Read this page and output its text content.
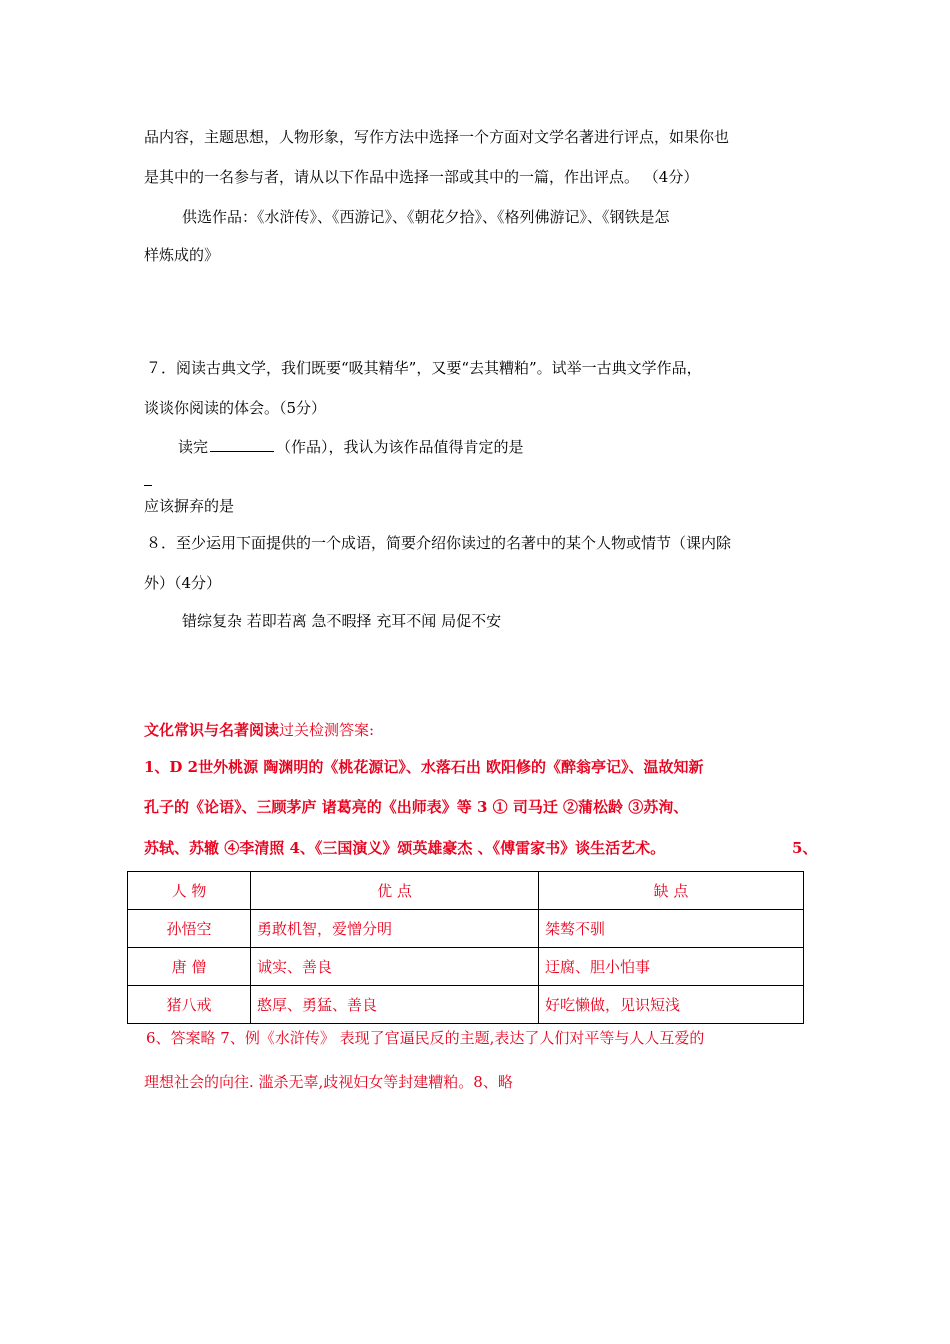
品内容，主题思想，人物形象，写作方法中选择一个方面对文学名著进行评点，如果你也
是其中的一名参与者，请从以下作品中选择一部或其中的一篇，作出评点。 （4分）
供选作品：《水浒传》、《西游记》、《朝花夕拾》、《格列佛游记》、《钢铁是怎
样炼成的》
７．阅读古典文学，我们既要“吸其精华”，又要“去其糟粕”。试举一古典文学作品，
谈谈你阅读的体会。（5分）
读完	（作品），我认为该作品值得肯定的是
应该摒弃的是
８．至少运用下面提供的一个成语，简要介绍你读过的名著中的某个人物或情节（课内除
外）（4分）
错综复杂 若即若离 急不暇择 充耳不闻 局促不安
文化常识与名著阅读过关检测答案:
1、D 2世外桃源 陶渊明的《桃花源记》、水落石出 欧阳修的《醉翁亭记》、温故知新
孔子的《论语》、三顾茅庐 诸葛亮的《出师表》等 3 ① 司马迁 ②蒲松龄 ③苏洵、
苏轼、苏辙 ④李清照 4、《三国演义》颂英雄豪杰 、《傅雷家书》谈生活艺术。	5、
人 物	优 点	缺 点
孙悟空	勇敢机智，爱憎分明	桀骜不驯
唐 僧	诚实、善良	迂腐、胆小怕事
猪八戒	憨厚、勇猛、善良	好吃懒做，见识短浅
6、答案略 7、例《水浒传》 表现了官逼民反的主题,表达了人们对平等与人人互爱的
理想社会的向往. 滥杀无辜,歧视妇女等封建糟粕。8、略
